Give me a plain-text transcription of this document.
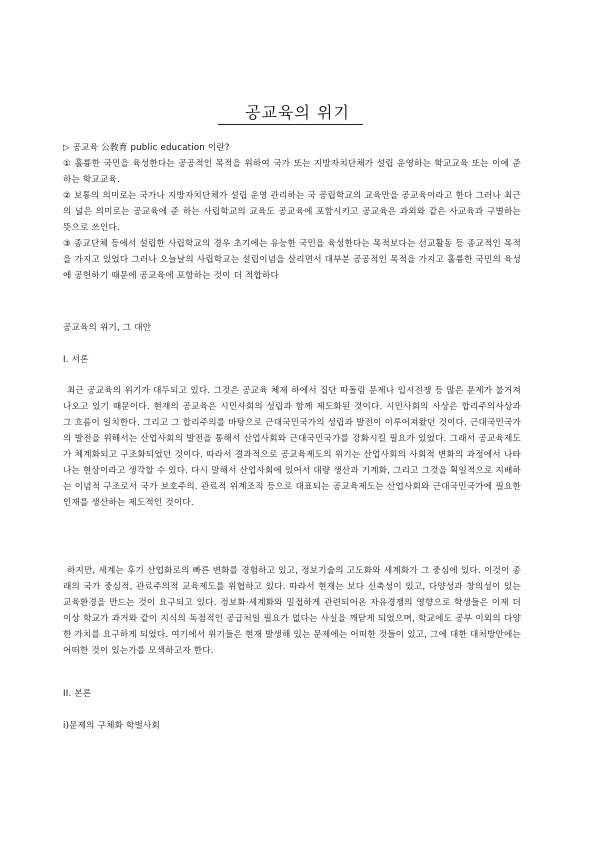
공교육의 위기

▷ 공교육 公敎育 public education 이란?

① 훌륭한 국민을 육성한다는 공공적인 목적을 위하여 국가 또는 지방자치단체가 설립 운영하는 학교교육 또는 이에 준 하는 학교교육.

② 보통의 의미로는 국가나 지방자치단체가 설립 운영 관리하는 국 공립학교의 교육만을 공교육이라고 한다 그러나 최근의 넓은 의미로는 공교육에 준 하는 사립학교의 교육도 공교육에 포함시키고 공교육은 과외와 같은 사교육과 구별하는 뜻으로 쓰인다.

③ 종교단체 등에서 설립한 사립학교의 경우 초기에는 유능한 국민을 육성한다는 목적보다는 선교활동 등 종교적인 목적을 가지고 있었다 그러나 오늘날의 사립학교는 설립이념을 살리면서 대부분 공공적인 목적을 가지고 훌륭한 국민의 육성에 공헌하기 때문에 공교육에 포함하는 것이 더 적합하다

공교육의 위기, 그 대안
I. 서론

최근 공교육의 위기가 대두되고 있다. 그것은 공교육 체제 하에서 집단 따돌림 문제나 입시전쟁 등 많은 문제가 불거져 나오고 있기 때문이다. 현재의 공교육은 시민사회의 성립과 함께 제도화된 것이다. 시민사회의 사상은 합리주의사상과 그 흐름이 일치한다. 그리고 그 합리주의를 바탕으로 근대국민국가의 성립과 발전이 이루어져왔던 것이다. 근대국민국가의 발전을 위해서는 산업사회의 발전을 통해서 산업사회와 근대국민국가를 강화시킬 필요가 있었다. 그래서 공교육제도가 체계화되고 구조화되었던 것이다. 따라서 결과적으로 공교육제도의 위기는 산업사회의 사회적 변화의 과정에서 나타나는 현상이라고 생각할 수 있다. 다시 말해서 산업사회에 있어서 대량 생산과 기계화, 그리고 그것을 획일적으로 지배하는 이념적 구조로서 국가 보호주의. 관료적 위계조직 등으로 대표되는 공교육제도는 산업사회와 근대국민국가에 필요한 인재를 생산하는 제도적인 것이다.

하지만, 세계는 후기 산업화로의 빠른 변화를 경험하고 있고, 정보기술의 고도화와 세계화가 그 중심에 있다. 이것이 종래의 국가 중심적, 관료주의적 교육제도를 위협하고 있다. 따라서 현재는 보다 신축성이 있고, 다양성과 창의성이 있는 교육환경을 만드는 것이 요구되고 있다. 정보화·세계화와 밀접하게 관련되어온 자유경쟁의 영향으로 학생들은 이제 더 이상 학교가 과거와 같이 지식의 독점적인 공급처일 필요가 없다는 사실을 깨닫게 되었으며, 학교에도 공부 이외의 다양한 가치를 요구하게 되었다. 여기에서 위기들은 현재 발생해 있는 문제에는 어떠한 것들이 있고, 그에 대한 대처방안에는 어떠한 것이 있는가를 모색하고자 한다.

II. 본론
ⅰ)문제의 구체화 학벌사회
